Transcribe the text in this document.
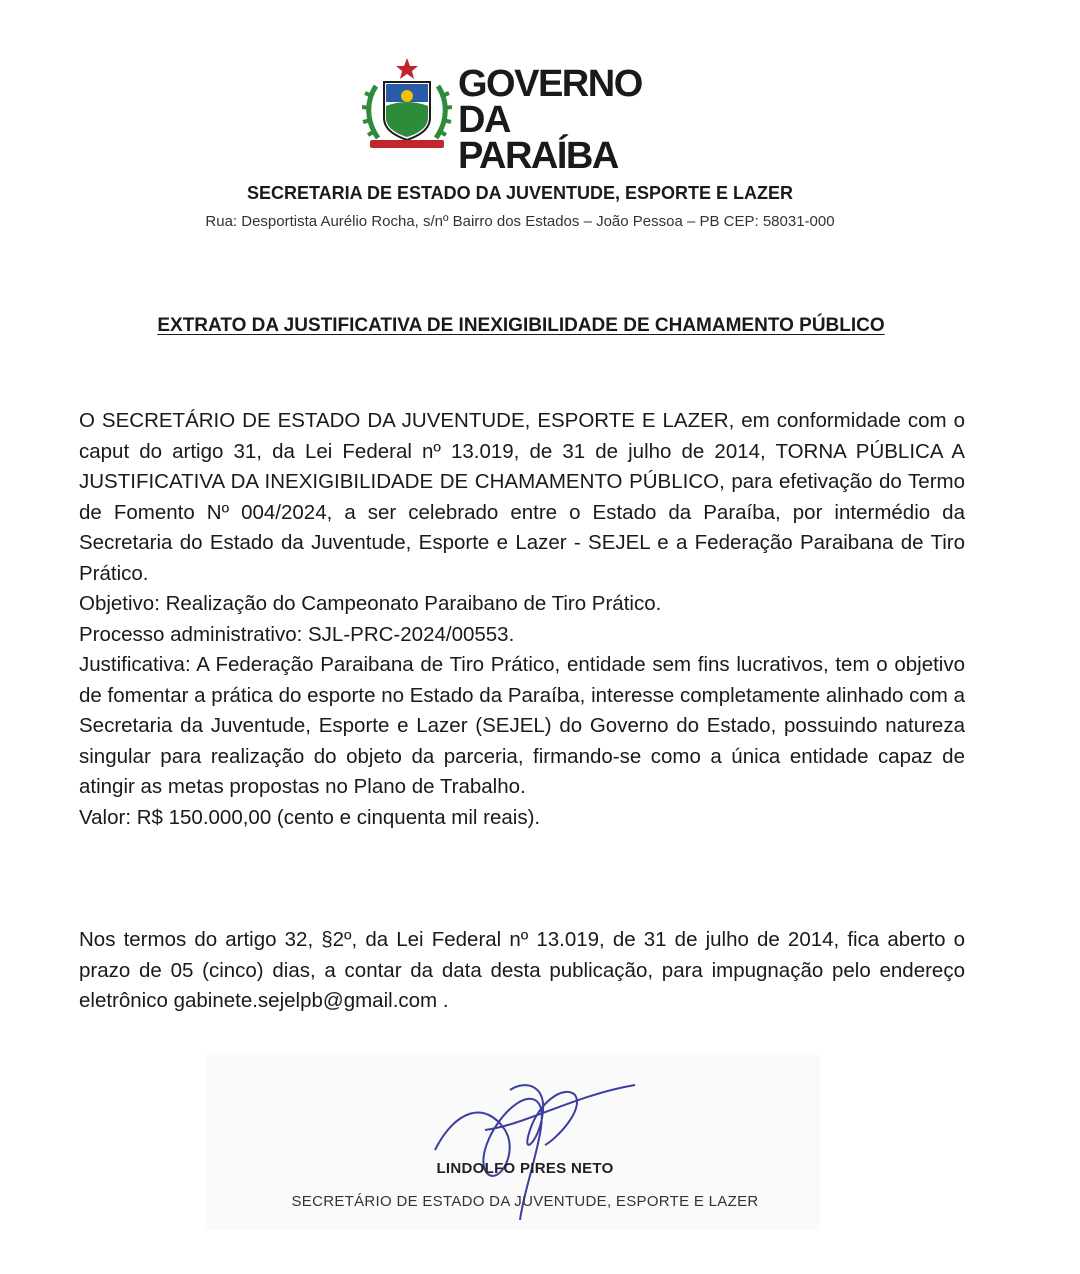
GOVERNO
DA PARAÍBA
SECRETARIA DE ESTADO DA JUVENTUDE, ESPORTE E LAZER
Rua: Desportista Aurélio Rocha, s/nº Bairro dos Estados – João Pessoa – PB CEP: 58031-000
EXTRATO DA JUSTIFICATIVA DE INEXIGIBILIDADE DE CHAMAMENTO PÚBLICO

O SECRETÁRIO DE ESTADO DA JUVENTUDE, ESPORTE E LAZER, em conformidade com o caput do artigo 31, da Lei Federal nº 13.019, de 31 de julho de 2014, TORNA PÚBLICA A JUSTIFICATIVA DA INEXIGIBILIDADE DE CHAMAMENTO PÚBLICO, para efetivação do Termo de Fomento Nº 004/2024, a ser celebrado entre o Estado da Paraíba, por intermédio da Secretaria do Estado da Juventude, Esporte e Lazer - SEJEL e a Federação Paraibana de Tiro Prático.

Objetivo: Realização do Campeonato Paraibano de Tiro Prático.

Processo administrativo: SJL-PRC-2024/00553.

Justificativa: A Federação Paraibana de Tiro Prático, entidade sem fins lucrativos, tem o objetivo de fomentar a prática do esporte no Estado da Paraíba, interesse completamente alinhado com a Secretaria da Juventude, Esporte e Lazer (SEJEL) do Governo do Estado, possuindo natureza singular para realização do objeto da parceria, firmando-se como a única entidade capaz de atingir as metas propostas no Plano de Trabalho.

Valor: R$ 150.000,00 (cento e cinquenta mil reais).

Nos termos do artigo 32, §2º, da Lei Federal nº 13.019, de 31 de julho de 2014, fica aberto o prazo de 05 (cinco) dias, a contar da data desta publicação, para impugnação pelo endereço eletrônico gabinete.sejelpb@gmail.com .

LINDOLFO PIRES NETO
SECRETÁRIO DE ESTADO DA JUVENTUDE, ESPORTE E LAZER
